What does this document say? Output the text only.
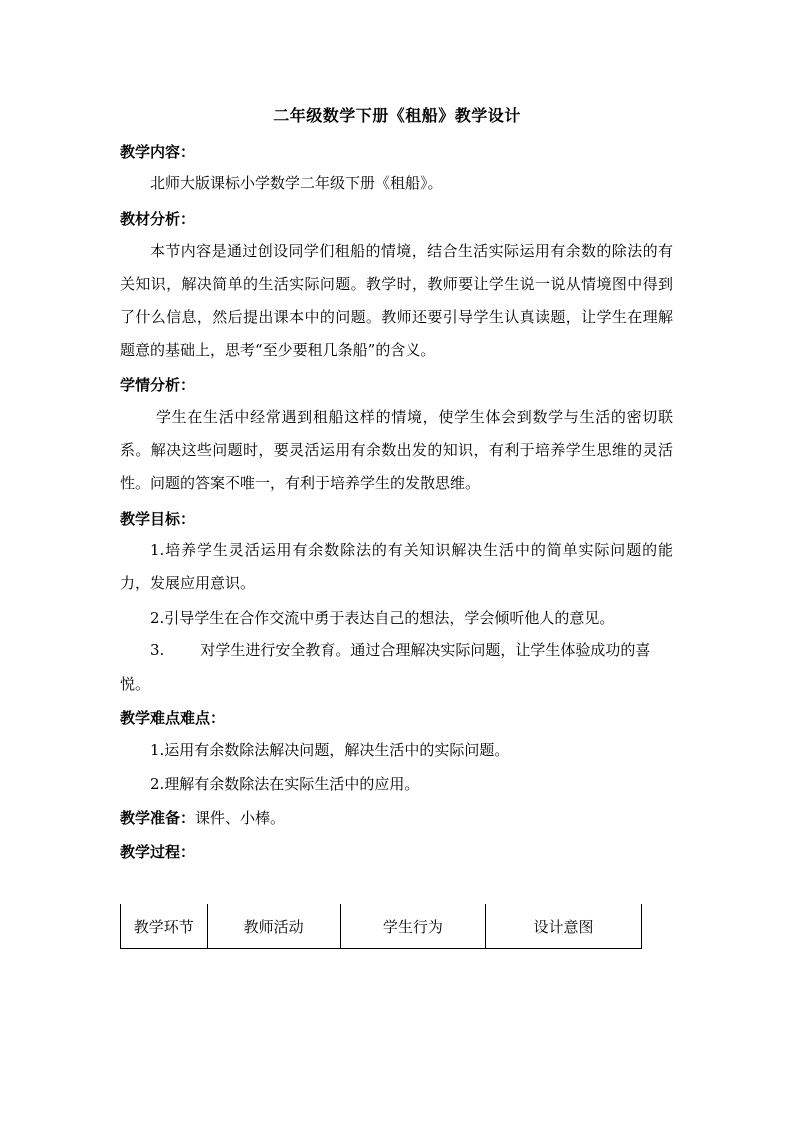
二年级数学下册《租船》教学设计
教学内容：
北师大版课标小学数学二年级下册《租船》。
教材分析：
本节内容是通过创设同学们租船的情境，结合生活实际运用有余数的除法的有关知识，解决简单的生活实际问题。教学时，教师要让学生说一说从情境图中得到了什么信息，然后提出课本中的问题。教师还要引导学生认真读题，让学生在理解题意的基础上，思考“至少要租几条船”的含义。
学情分析：
学生在生活中经常遇到租船这样的情境，使学生体会到数学与生活的密切联系。解决这些问题时，要灵活运用有余数出发的知识，有利于培养学生思维的灵活性。问题的答案不唯一，有利于培养学生的发散思维。
教学目标：
1.培养学生灵活运用有余数除法的有关知识解决生活中的简单实际问题的能力，发展应用意识。
2.引导学生在合作交流中勇于表达自己的想法，学会倾听他人的意见。
3. 对学生进行安全教育。通过合理解决实际问题，让学生体验成功的喜
悦。
教学难点难点：
1.运用有余数除法解决问题，解决生活中的实际问题。
2.理解有余数除法在实际生活中的应用。
教学准备：课件、小棒。
教学过程：
教学环节	教师活动	学生行为	设计意图
